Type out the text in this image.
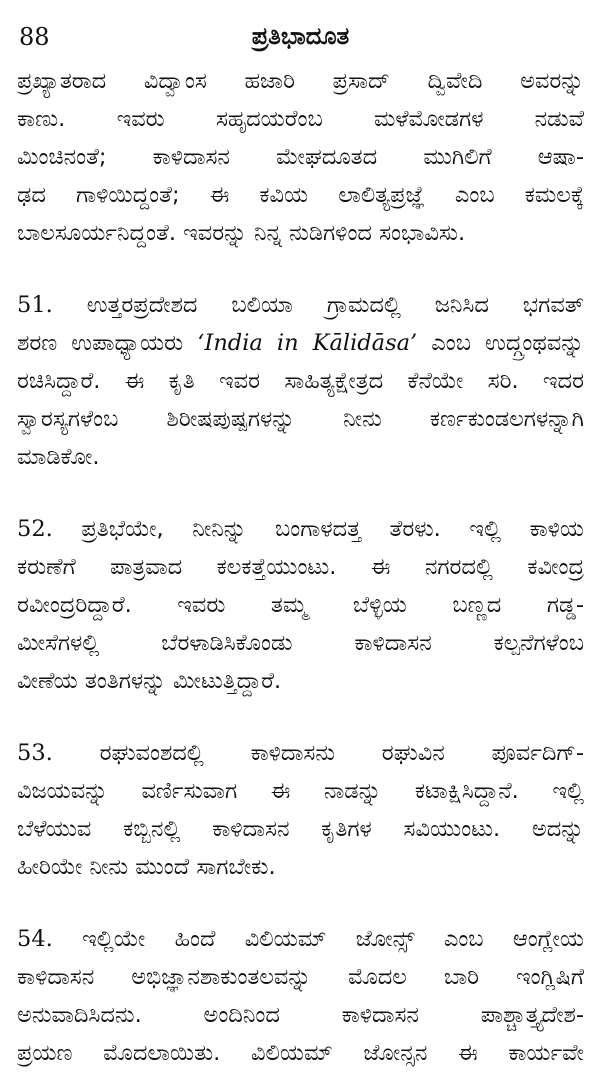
88	ಪ್ರತಿಭಾದೂತ

ಪ್ರಖ್ಯಾತರಾದ ವಿದ್ವಾಂಸ ಹಜಾರಿ ಪ್ರಸಾದ್ ದ್ವಿವೇದಿ ಅವರನ್ನು
ಕಾಣು. ಇವರು ಸಹೃದಯರೆಂಬ ಮಳೆಮೋಡಗಳ ನಡುವೆ
ಮಿಂಚಿನಂತೆ; ಕಾಳಿದಾಸನ ಮೇಘದೂತದ ಮುಗಿಲಿಗೆ ಆಷಾ-
ಢದ ಗಾಳಿಯಿದ್ದಂತೆ; ಈ ಕವಿಯ ಲಾಲಿತ್ಯಪ್ರಜ್ಞೆ ಎಂಬ ಕಮಲಕ್ಕೆ
ಬಾಲಸೂರ್ಯನಿದ್ದಂತೆ. ಇವರನ್ನು ನಿನ್ನ ನುಡಿಗಳಿಂದ ಸಂಭಾವಿಸು.

51. ಉತ್ತರಪ್ರದೇಶದ ಬಲಿಯಾ ಗ್ರಾಮದಲ್ಲಿ ಜನಿಸಿದ ಭಗವತ್
ಶರಣ ಉಪಾಧ್ಯಾಯರು ‘India in Kālidāsa’ ಎಂಬ ಉದ್ಗ್ರಂಥವನ್ನು
ರಚಿಸಿದ್ದಾರೆ. ಈ ಕೃತಿ ಇವರ ಸಾಹಿತ್ಯಕ್ಷೇತ್ರದ ಕೆನೆಯೇ ಸರಿ. ಇದರ
ಸ್ವಾರಸ್ಯಗಳೆಂಬ ಶಿರೀಷಪುಷ್ಪಗಳನ್ನು ನೀನು ಕರ್ಣಕುಂಡಲಗಳನ್ನಾಗಿ
ಮಾಡಿಕೋ.

52. ಪ್ರತಿಭೆಯೇ, ನೀನಿನ್ನು ಬಂಗಾಳದತ್ತ ತೆರಳು. ಇಲ್ಲಿ ಕಾಳಿಯ
ಕರುಣೆಗೆ ಪಾತ್ರವಾದ ಕಲಕತ್ತೆಯುಂಟು. ಈ ನಗರದಲ್ಲಿ ಕವೀಂದ್ರ
ರವೀಂದ್ರರಿದ್ದಾರೆ. ಇವರು ತಮ್ಮ ಬೆಳ್ಳಿಯ ಬಣ್ಣದ ಗಡ್ಡ-
ಮೀಸೆಗಳಲ್ಲಿ ಬೆರಳಾಡಿಸಿಕೊಂಡು ಕಾಳಿದಾಸನ ಕಲ್ಪನೆಗಳೆಂಬ
ವೀಣೆಯ ತಂತಿಗಳನ್ನು ಮೀಟುತ್ತಿದ್ದಾರೆ.

53. ರಘುವಂಶದಲ್ಲಿ ಕಾಳಿದಾಸನು ರಘುವಿನ ಪೂರ್ವದಿಗ್-
ವಿಜಯವನ್ನು ವರ್ಣಿಸುವಾಗ ಈ ನಾಡನ್ನು ಕಟಾಕ್ಷಿಸಿದ್ದಾನೆ. ಇಲ್ಲಿ
ಬೆಳೆಯುವ ಕಬ್ಬಿನಲ್ಲಿ ಕಾಳಿದಾಸನ ಕೃತಿಗಳ ಸವಿಯುಂಟು. ಅದನ್ನು
ಹೀರಿಯೇ ನೀನು ಮುಂದೆ ಸಾಗಬೇಕು.

54. ಇಲ್ಲಿಯೇ ಹಿಂದೆ ವಿಲಿಯಮ್ ಜೋನ್ಸ್ ಎಂಬ ಆಂಗ್ಲೇಯ
ಕಾಳಿದಾಸನ ಅಭಿಜ್ಞಾನಶಾಕುಂತಲವನ್ನು ಮೊದಲ ಬಾರಿ ಇಂಗ್ಲಿಷಿಗೆ
ಅನುವಾದಿಸಿದನು. ಅಂದಿನಿಂದ ಕಾಳಿದಾಸನ ಪಾಶ್ಚಾತ್ತ್ಯದೇಶ-
ಪ್ರಯಣ ಮೊದಲಾಯಿತು. ವಿಲಿಯಮ್ ಜೋನ್ಸನ ಈ ಕಾರ್ಯವೇ
